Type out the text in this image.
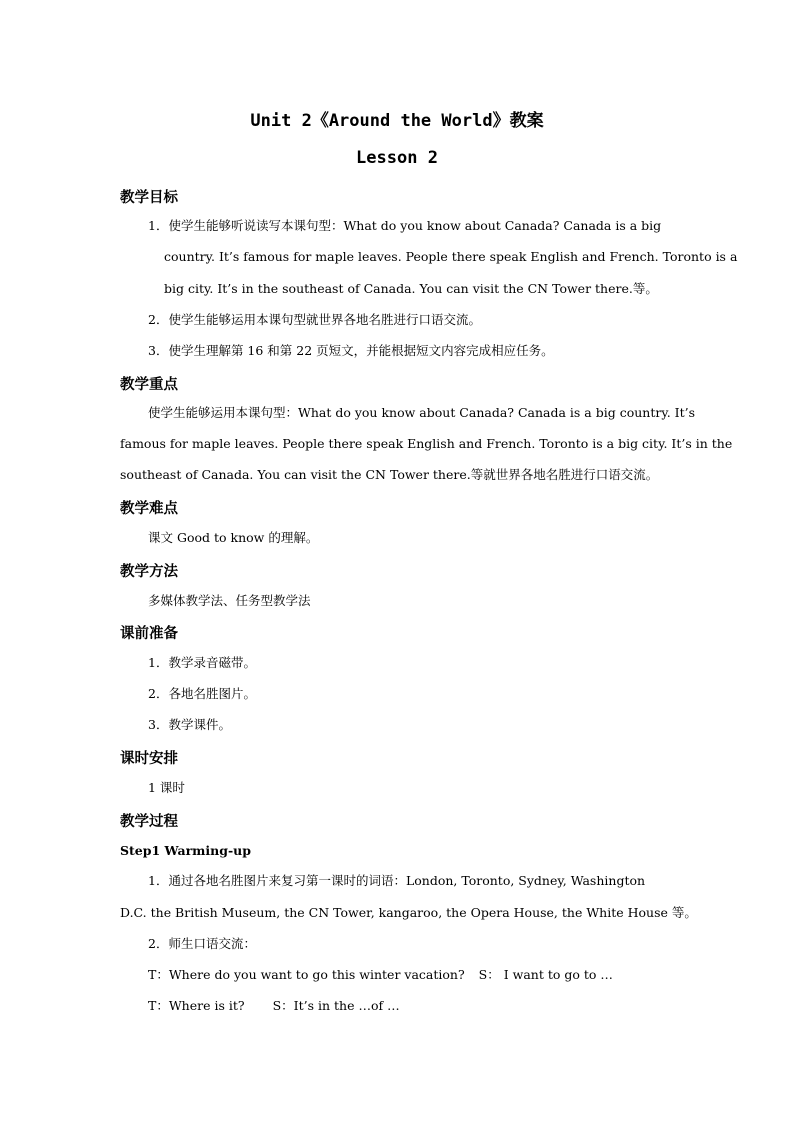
Unit 2《Around the World》教案
Lesson 2
教学目标
1．使学生能够听说读写本课句型：What do you know about Canada? Canada is a big
country. It’s famous for maple leaves. People there speak English and French. Toronto is a
big city. It’s in the southeast of Canada. You can visit the CN Tower there.等。
2．使学生能够运用本课句型就世界各地名胜进行口语交流。
3．使学生理解第 16 和第 22 页短文，并能根据短文内容完成相应任务。
教学重点
使学生能够运用本课句型：What do you know about Canada? Canada is a big country. It’s
famous for maple leaves. People there speak English and French. Toronto is a big city. It’s in the
southeast of Canada. You can visit the CN Tower there.等就世界各地名胜进行口语交流。
教学难点
课文 Good to know 的理解。
教学方法
多媒体教学法、任务型教学法
课前准备
1．教学录音磁带。
2．各地名胜图片。
3．教学课件。
课时安排
1 课时
教学过程
Step1 Warming-up
1．通过各地名胜图片来复习第一课时的词语：London, Toronto, Sydney, Washington
D.C. the British Museum, the CN Tower, kangaroo, the Opera House, the White House 等。
2．师生口语交流：
T：Where do you want to go this winter vacation? S： I want to go to …
T：Where is it? S：It’s in the …of …
